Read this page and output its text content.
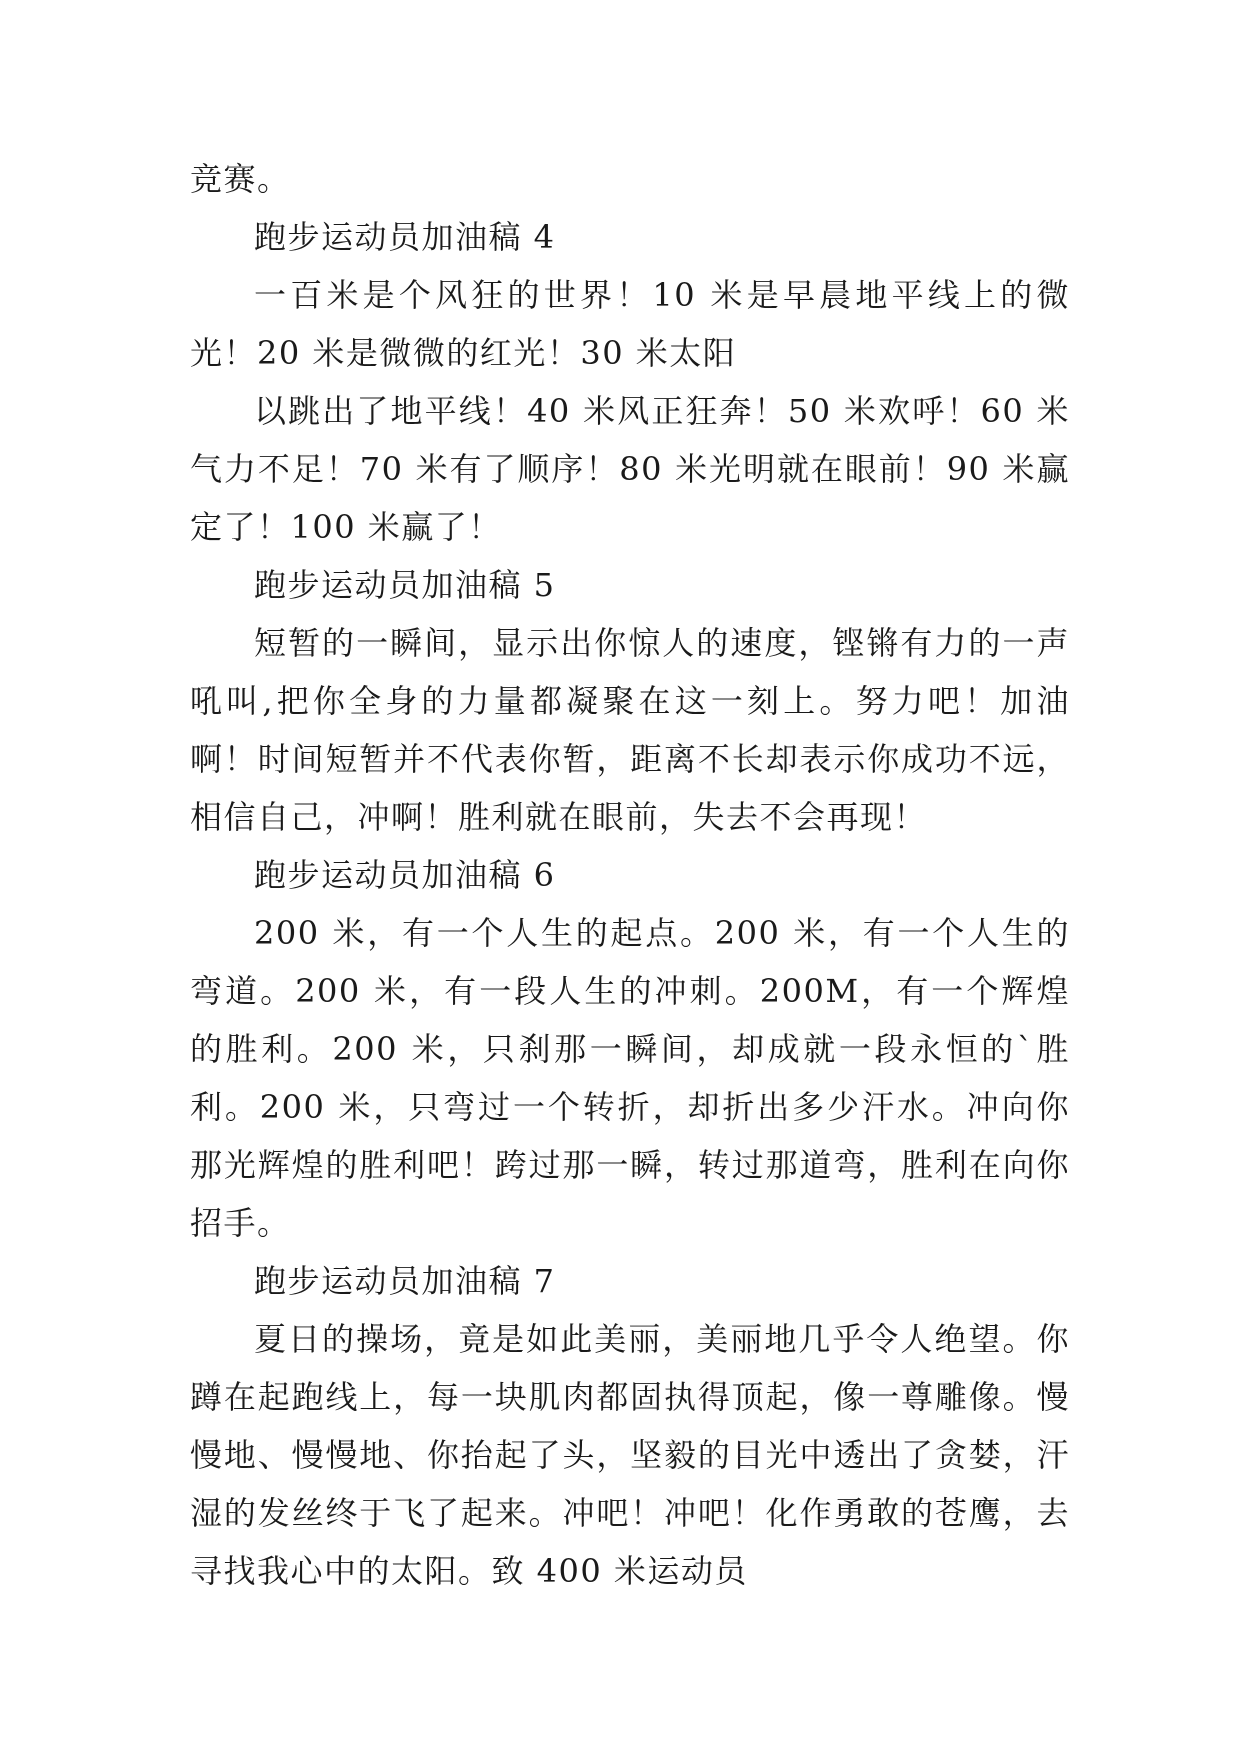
竞赛。

跑步运动员加油稿 4

一百米是个风狂的世界！10 米是早晨地平线上的微光！20 米是微微的红光！30 米太阳

以跳出了地平线！40 米风正狂奔！50 米欢呼！60 米气力不足！70 米有了顺序！80 米光明就在眼前！90 米赢定了！100 米赢了！

跑步运动员加油稿 5

短暂的一瞬间，显示出你惊人的速度，铿锵有力的一声吼叫,把你全身的力量都凝聚在这一刻上。努力吧！加油啊！时间短暂并不代表你暂，距离不长却表示你成功不远，相信自己，冲啊！胜利就在眼前，失去不会再现！

跑步运动员加油稿 6

200 米，有一个人生的起点。200 米，有一个人生的弯道。200 米，有一段人生的冲刺。200M，有一个辉煌的胜利。200 米，只刹那一瞬间，却成就一段永恒的`胜利。200 米，只弯过一个转折，却折出多少汗水。冲向你那光辉煌的胜利吧！跨过那一瞬，转过那道弯，胜利在向你招手。

跑步运动员加油稿 7

夏日的操场，竟是如此美丽，美丽地几乎令人绝望。你蹲在起跑线上，每一块肌肉都固执得顶起，像一尊雕像。慢慢地、慢慢地、你抬起了头，坚毅的目光中透出了贪婪，汗湿的发丝终于飞了起来。冲吧！冲吧！化作勇敢的苍鹰，去寻找我心中的太阳。致 400 米运动员
